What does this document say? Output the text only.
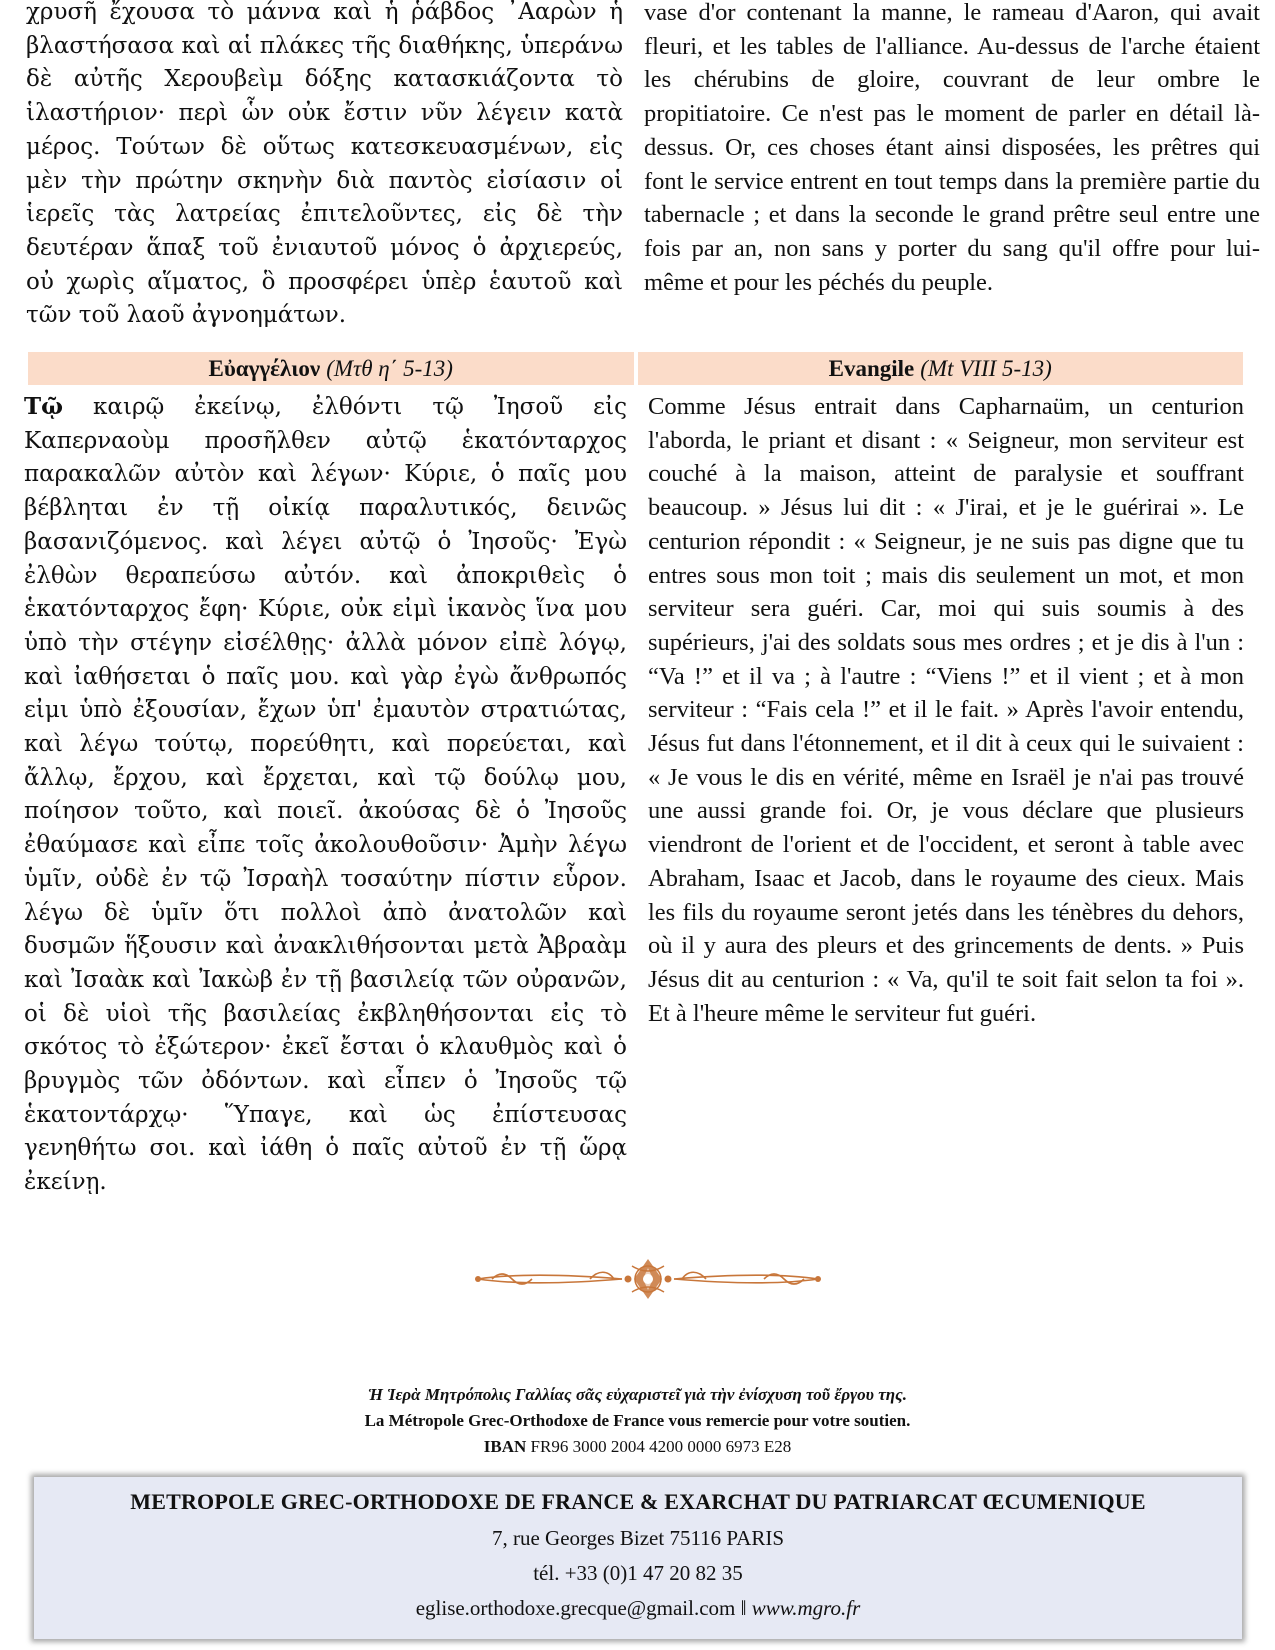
χρυσῆ ἔχουσα τὸ μάννα καὶ ἡ ῥάβδος ᾿Ααρὼν ἡ βλαστήσασα καὶ αἱ πλάκες τῆς διαθήκης, ὑπεράνω δὲ αὐτῆς Χερουβεὶμ δόξης κατασκιάζοντα τὸ ἱλαστήριον· περὶ ὧν οὐκ ἔστιν νῦν λέγειν κατὰ μέρος. Τούτων δὲ οὕτως κατεσκευασμένων, εἰς μὲν τὴν πρώτην σκηνὴν διὰ παντὸς εἰσίασιν οἱ ἱερεῖς τὰς λατρείας ἐπιτελοῦντες, εἰς δὲ τὴν δευτέραν ἅπαξ τοῦ ἐνιαυτοῦ μόνος ὁ ἀρχιερεύς, οὐ χωρὶς αἵματος, ὃ προσφέρει ὑπὲρ ἑαυτοῦ καὶ τῶν τοῦ λαοῦ ἀγνοημάτων.

vase d'or contenant la manne, le rameau d'Aaron, qui avait fleuri, et les tables de l'alliance. Au-dessus de l'arche étaient les chérubins de gloire, couvrant de leur ombre le propitiatoire. Ce n'est pas le moment de parler en détail là-dessus. Or, ces choses étant ainsi disposées, les prêtres qui font le service entrent en tout temps dans la première partie du tabernacle ; et dans la seconde le grand prêtre seul entre une fois par an, non sans y porter du sang qu'il offre pour lui-même et pour les péchés du peuple.

Εὐαγγέλιον (Μτθ η΄ 5-13)	Evangile (Mt VIII 5-13)

Τῷ καιρῷ ἐκείνῳ, ἐλθόντι τῷ Ἰησοῦ εἰς Καπερναοὺμ προσῆλθεν αὐτῷ ἑκατόνταρχος παρακαλῶν αὐτὸν καὶ λέγων· Κύριε, ὁ παῖς μου βέβληται ἐν τῇ οἰκίᾳ παραλυτικός, δεινῶς βασανιζόμενος. καὶ λέγει αὐτῷ ὁ Ἰησοῦς· Ἐγὼ ἐλθὼν θεραπεύσω αὐτόν. καὶ ἀποκριθεὶς ὁ ἑκατόνταρχος ἔφη· Κύριε, οὐκ εἰμὶ ἱκανὸς ἵνα μου ὑπὸ τὴν στέγην εἰσέλθῃς· ἀλλὰ μόνον εἰπὲ λόγῳ, καὶ ἰαθήσεται ὁ παῖς μου. καὶ γὰρ ἐγὼ ἄνθρωπός εἰμι ὑπὸ ἐξουσίαν, ἔχων ὑπ' ἐμαυτὸν στρατιώτας, καὶ λέγω τούτῳ, πορεύθητι, καὶ πορεύεται, καὶ ἄλλῳ, ἔρχου, καὶ ἔρχεται, καὶ τῷ δούλῳ μου, ποίησον τοῦτο, καὶ ποιεῖ. ἀκούσας δὲ ὁ Ἰησοῦς ἐθαύμασε καὶ εἶπε τοῖς ἀκολουθοῦσιν· Ἀμὴν λέγω ὑμῖν, οὐδὲ ἐν τῷ Ἰσραὴλ τοσαύτην πίστιν εὗρον. λέγω δὲ ὑμῖν ὅτι πολλοὶ ἀπὸ ἀνατολῶν καὶ δυσμῶν ἥξουσιν καὶ ἀνακλιθήσονται μετὰ Ἀβραὰμ καὶ Ἰσαὰκ καὶ Ἰακὼβ ἐν τῇ βασιλείᾳ τῶν οὐρανῶν, οἱ δὲ υἱοὶ τῆς βασιλείας ἐκβληθήσονται εἰς τὸ σκότος τὸ ἐξώτερον· ἐκεῖ ἔσται ὁ κλαυθμὸς καὶ ὁ βρυγμὸς τῶν ὀδόντων. καὶ εἶπεν ὁ Ἰησοῦς τῷ ἑκατοντάρχῳ· Ὕπαγε, καὶ ὡς ἐπίστευσας γενηθήτω σοι. καὶ ἰάθη ὁ παῖς αὐτοῦ ἐν τῇ ὥρᾳ ἐκείνῃ.

Comme Jésus entrait dans Capharnaüm, un centurion l'aborda, le priant et disant : « Seigneur, mon serviteur est couché à la maison, atteint de paralysie et souffrant beaucoup. » Jésus lui dit : « J'irai, et je le guérirai ». Le centurion répondit : « Seigneur, je ne suis pas digne que tu entres sous mon toit ; mais dis seulement un mot, et mon serviteur sera guéri. Car, moi qui suis soumis à des supérieurs, j'ai des soldats sous mes ordres ; et je dis à l'un : “Va !” et il va ; à l'autre : “Viens !” et il vient ; et à mon serviteur : “Fais cela !” et il le fait. » Après l'avoir entendu, Jésus fut dans l'étonnement, et il dit à ceux qui le suivaient : « Je vous le dis en vérité, même en Israël je n'ai pas trouvé une aussi grande foi. Or, je vous déclare que plusieurs viendront de l'orient et de l'occident, et seront à table avec Abraham, Isaac et Jacob, dans le royaume des cieux. Mais les fils du royaume seront jetés dans les ténèbres du dehors, où il y aura des pleurs et des grincements de dents. » Puis Jésus dit au centurion : « Va, qu'il te soit fait selon ta foi ». Et à l'heure même le serviteur fut guéri.

Ἡ Ἱερὰ Μητρόπολις Γαλλίας σᾶς εὐχαριστεῖ γιὰ τὴν ἐνίσχυση τοῦ ἔργου της.
La Métropole Grec-Orthodoxe de France vous remercie pour votre soutien.
IBAN FR96 3000 2004 4200 0000 6973 E28
METROPOLE GREC-ORTHODOXE DE FRANCE & EXARCHAT DU PATRIARCAT ŒCUMENIQUE
7, rue Georges Bizet 75116 PARIS
tél. +33 (0)1 47 20 82 35
eglise.orthodoxe.grecque@gmail.com ‖ www.mgro.fr
